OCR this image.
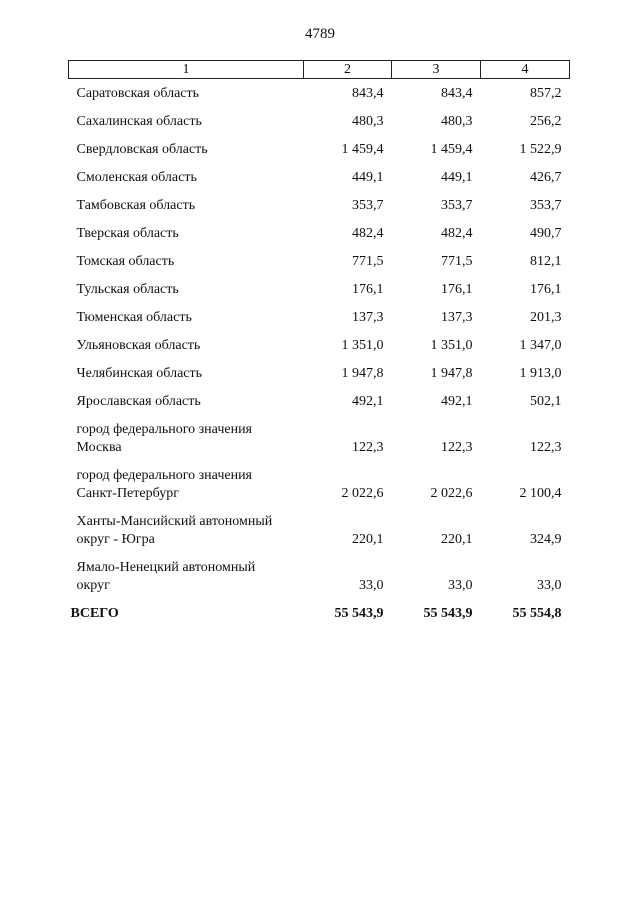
4789
1	2	3	4

Саратовская область	843,4	843,4	857,2

Сахалинская область	480,3	480,3	256,2

Свердловская область	1 459,4	1 459,4	1 522,9

Смоленская область	449,1	449,1	426,7

Тамбовская область	353,7	353,7	353,7

Тверская область	482,4	482,4	490,7

Томская область	771,5	771,5	812,1

Тульская область	176,1	176,1	176,1

Тюменская область	137,3	137,3	201,3

Ульяновская область	1 351,0	1 351,0	1 347,0

Челябинская область	1 947,8	1 947,8	1 913,0

Ярославская область	492,1	492,1	502,1

город федерального значения
Москва	122,3	122,3	122,3

город федерального значения
Санкт-Петербург	2 022,6	2 022,6	2 100,4

Ханты-Мансийский автономный
округ - Югра	220,1	220,1	324,9

Ямало-Ненецкий автономный
округ	33,0	33,0	33,0
ВСЕГО	55 543,9	55 543,9	55 554,8
